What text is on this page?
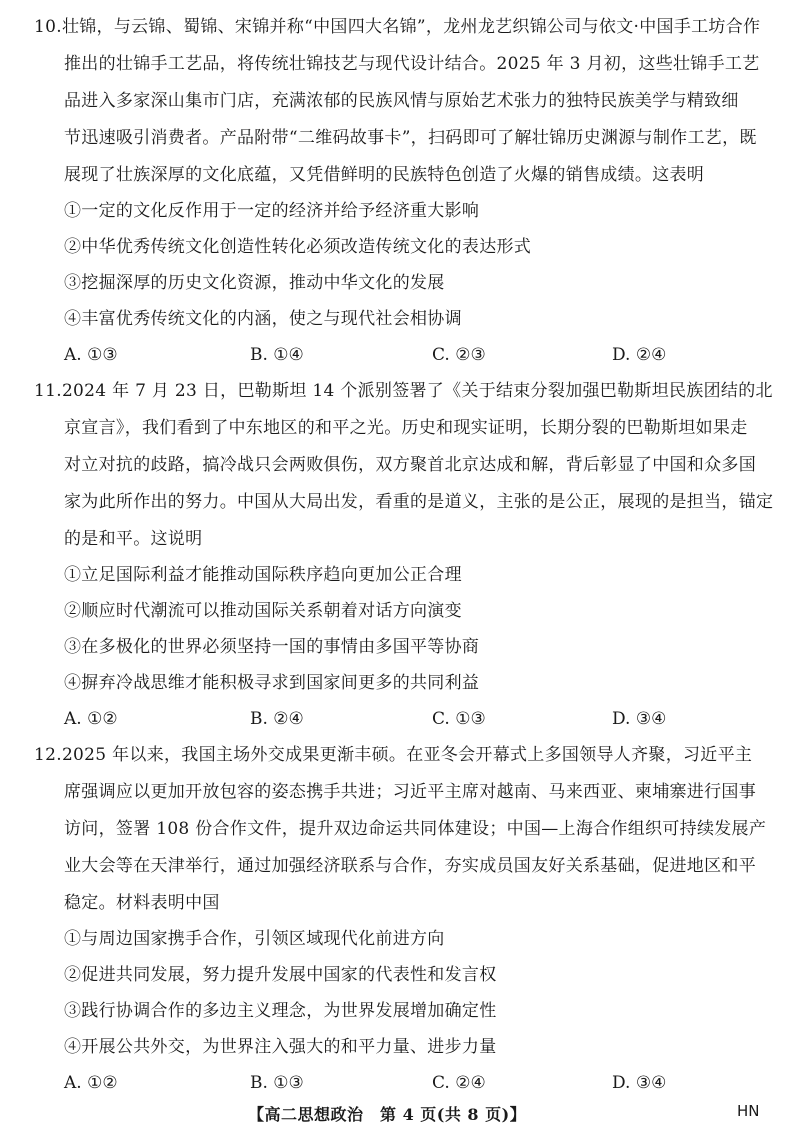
10.壮锦，与云锦、蜀锦、宋锦并称“中国四大名锦”，龙州龙艺织锦公司与依文·中国手工坊合作
推出的壮锦手工艺品，将传统壮锦技艺与现代设计结合。2025 年 3 月初，这些壮锦手工艺
品进入多家深山集市门店，充满浓郁的民族风情与原始艺术张力的独特民族美学与精致细
节迅速吸引消费者。产品附带“二维码故事卡”，扫码即可了解壮锦历史渊源与制作工艺，既
展现了壮族深厚的文化底蕴，又凭借鲜明的民族特色创造了火爆的销售成绩。这表明
①一定的文化反作用于一定的经济并给予经济重大影响
②中华优秀传统文化创造性转化必须改造传统文化的表达形式
③挖掘深厚的历史文化资源，推动中华文化的发展
④丰富优秀传统文化的内涵，使之与现代社会相协调
A. ①③	B. ①④	C. ②③	D. ②④
11.2024 年 7 月 23 日，巴勒斯坦 14 个派别签署了《关于结束分裂加强巴勒斯坦民族团结的北
京宣言》，我们看到了中东地区的和平之光。历史和现实证明，长期分裂的巴勒斯坦如果走
对立对抗的歧路，搞冷战只会两败俱伤，双方聚首北京达成和解，背后彰显了中国和众多国
家为此所作出的努力。中国从大局出发，看重的是道义，主张的是公正，展现的是担当，锚定
的是和平。这说明
①立足国际利益才能推动国际秩序趋向更加公正合理
②顺应时代潮流可以推动国际关系朝着对话方向演变
③在多极化的世界必须坚持一国的事情由多国平等协商
④摒弃冷战思维才能积极寻求到国家间更多的共同利益
A. ①②	B. ②④	C. ①③	D. ③④
12.2025 年以来，我国主场外交成果更渐丰硕。在亚冬会开幕式上多国领导人齐聚，习近平主
席强调应以更加开放包容的姿态携手共进；习近平主席对越南、马来西亚、柬埔寨进行国事
访问，签署 108 份合作文件，提升双边命运共同体建设；中国—上海合作组织可持续发展产
业大会等在天津举行，通过加强经济联系与合作，夯实成员国友好关系基础，促进地区和平
稳定。材料表明中国
①与周边国家携手合作，引领区域现代化前进方向
②促进共同发展，努力提升发展中国家的代表性和发言权
③践行协调合作的多边主义理念，为世界发展增加确定性
④开展公共外交，为世界注入强大的和平力量、进步力量
A. ①②	B. ①③	C. ②④	D. ③④
【高二思想政治　第 4 页(共 8 页)】	HN
